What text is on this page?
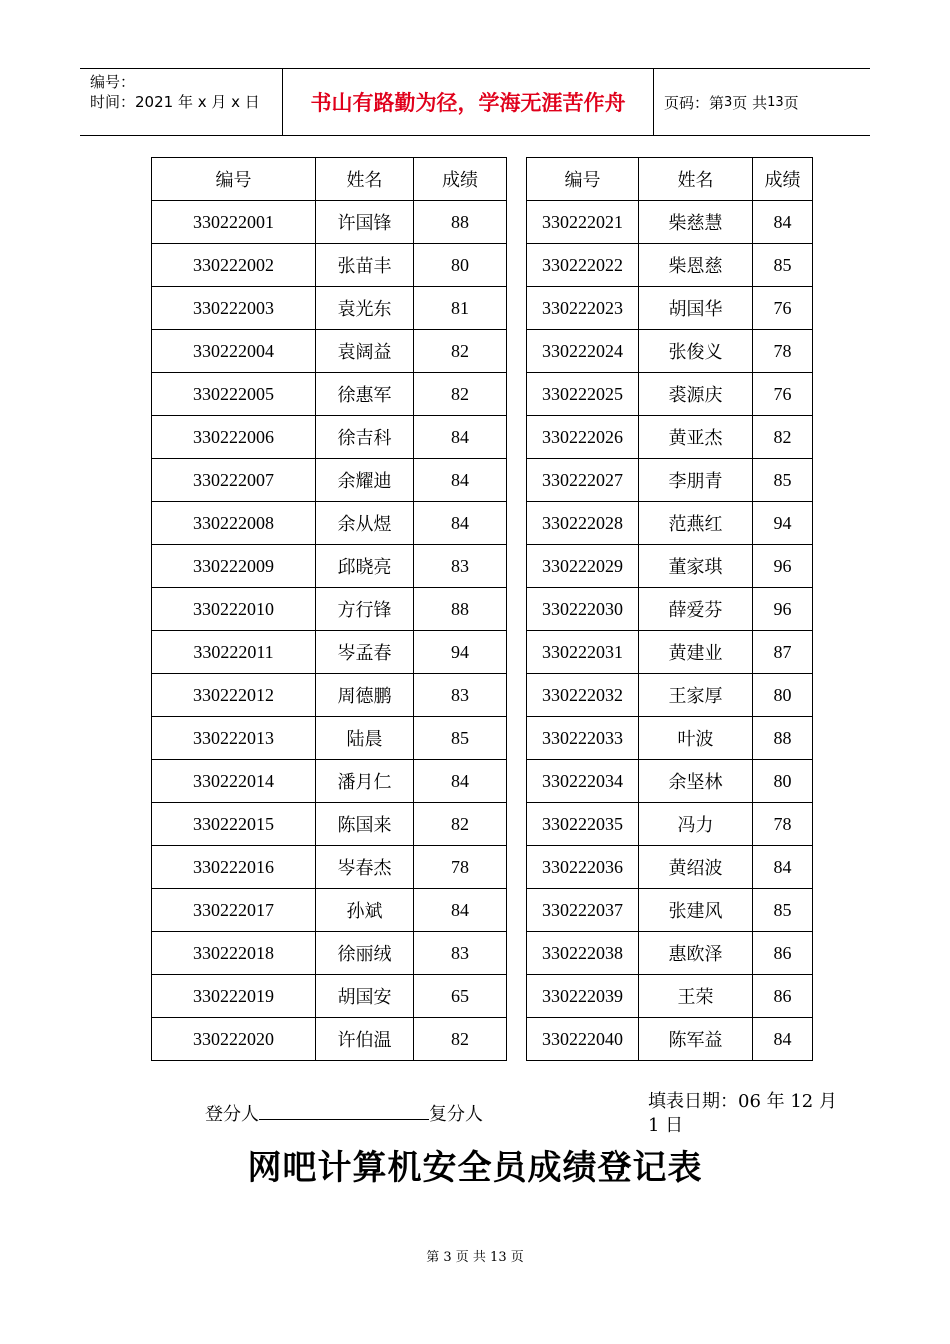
编号：
时间：2021 年 x 月 x 日	书山有路勤为径，学海无涯苦作舟	页码：第 3 页 共 13 页
编号	姓名	成绩
330222001	许国锋	88
330222002	张苗丰	80
330222003	袁光东	81
330222004	袁阔益	82
330222005	徐惠军	82
330222006	徐吉科	84
330222007	余耀迪	84
330222008	余从煜	84
330222009	邱晓亮	83
330222010	方行锋	88
330222011	岑孟春	94
330222012	周德鹏	83
330222013	陆晨	85
330222014	潘月仁	84
330222015	陈国来	82
330222016	岑春杰	78
330222017	孙斌	84
330222018	徐丽绒	83
330222019	胡国安	65
330222020	许伯温	82
编号	姓名	成绩
330222021	柴慈慧	84
330222022	柴恩慈	85
330222023	胡国华	76
330222024	张俊义	78
330222025	裘源庆	76
330222026	黄亚杰	82
330222027	李朋青	85
330222028	范燕红	94
330222029	董家琪	96
330222030	薛爱芬	96
330222031	黄建业	87
330222032	王家厚	80
330222033	叶波	88
330222034	余坚林	80
330222035	冯力	78
330222036	黄绍波	84
330222037	张建风	85
330222038	惠欧泽	86
330222039	王荣	86
330222040	陈军益	84
登分人	复分人
填表日期：06 年 12 月 1 日
网吧计算机安全员成绩登记表
第 3 页 共 13 页
